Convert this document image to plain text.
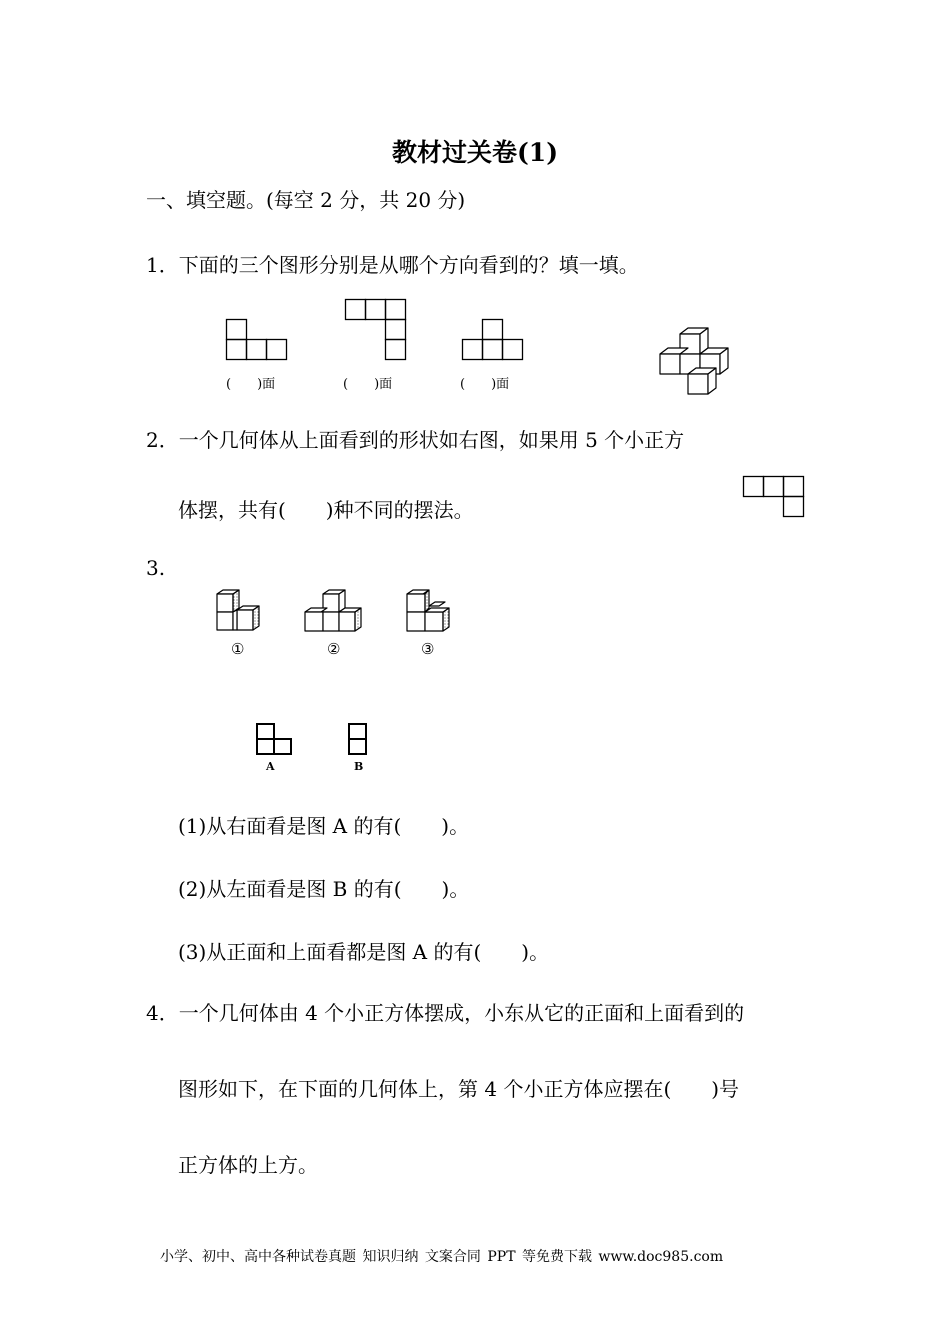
教材过关卷(1)
一、填空题。(每空 2 分，共 20 分)
1．下面的三个图形分别是从哪个方向看到的？填一填。
(　　)面	(　　)面	(　　)面
2．一个几何体从上面看到的形状如右图，如果用 5 个小正方
体摆，共有(　　)种不同的摆法。
3.
①	②	③
A	B
(1)从右面看是图 A 的有(　　)。
(2)从左面看是图 B 的有(　　)。
(3)从正面和上面看都是图 A 的有(　　)。
4．一个几何体由 4 个小正方体摆成，小东从它的正面和上面看到的
图形如下，在下面的几何体上，第 4 个小正方体应摆在(　　)号
正方体的上方。
小学、初中、高中各种试卷真题 知识归纳 文案合同 PPT 等免费下载 www.doc985.com
